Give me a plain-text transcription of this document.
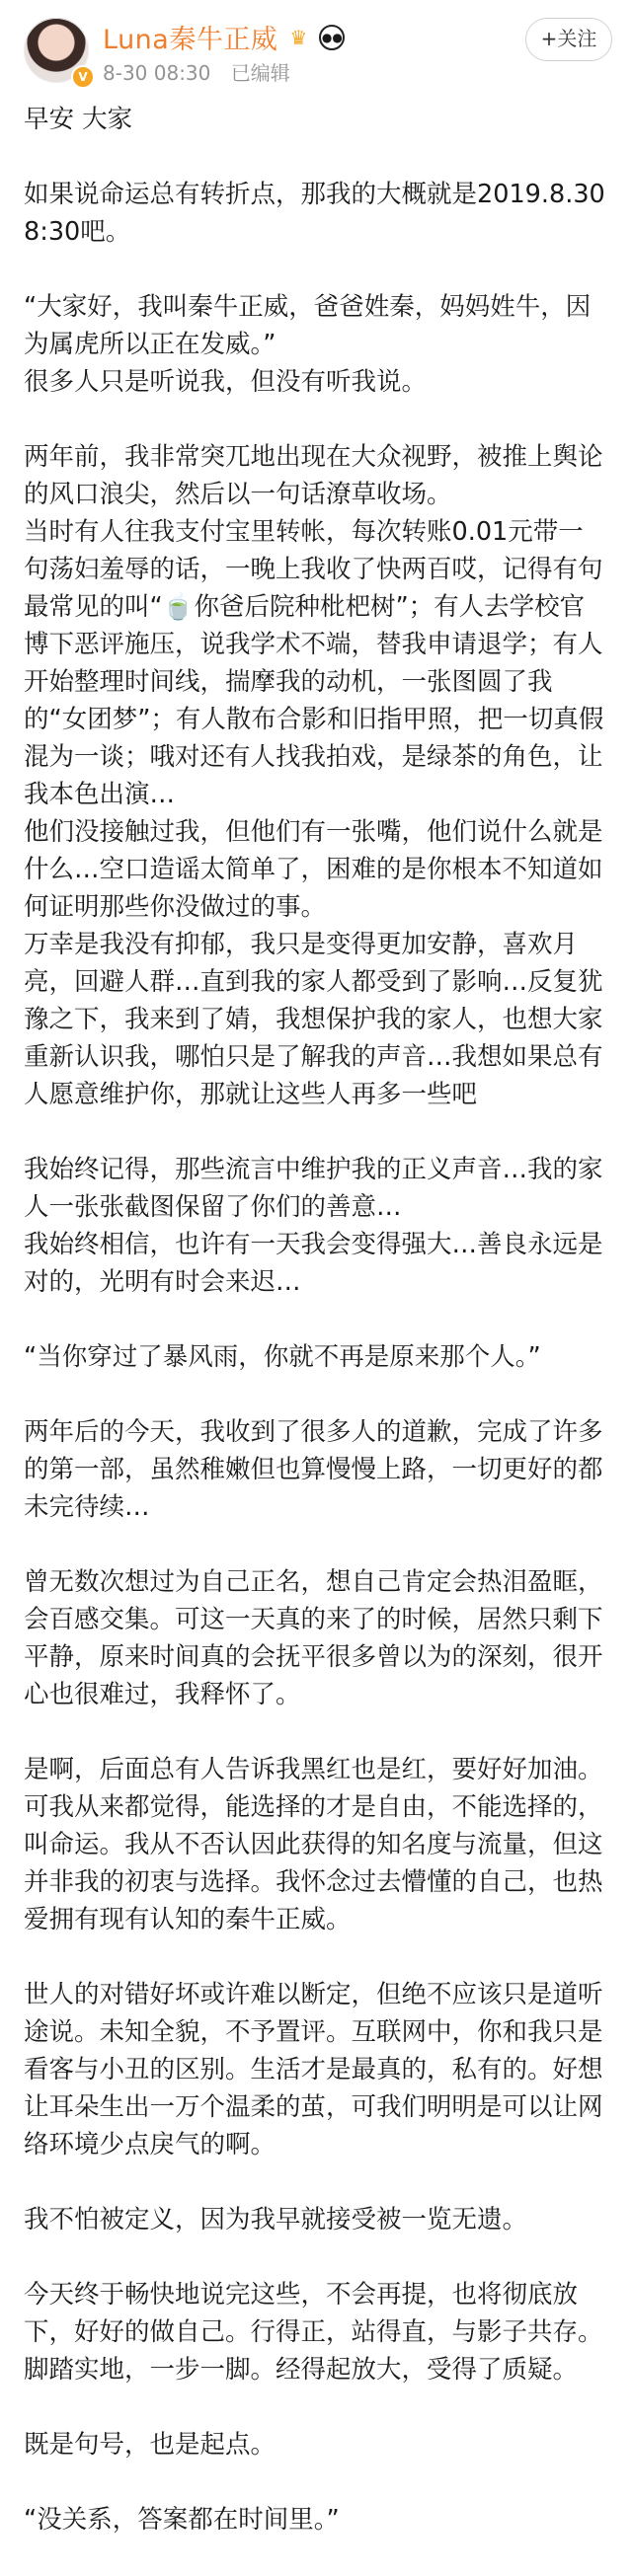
V
Luna秦牛正威 ♛	●●
8-30 08:30 已编辑
+关注

早安 大家

如果说命运总有转折点，那我的大概就是2019.8.30 8:30吧。

“大家好，我叫秦牛正威，爸爸姓秦，妈妈姓牛，因为属虎所以正在发威。”
很多人只是听说我，但没有听我说。

两年前，我非常突兀地出现在大众视野，被推上舆论的风口浪尖，然后以一句话潦草收场。
当时有人往我支付宝里转帐，每次转账0.01元带一句荡妇羞辱的话，一晚上我收了快两百哎，记得有句最常见的叫“🍵你爸后院种枇杷树”；有人去学校官博下恶评施压，说我学术不端，替我申请退学；有人开始整理时间线，揣摩我的动机，一张图圆了我的“女团梦”；有人散布合影和旧指甲照，把一切真假混为一谈；哦对还有人找我拍戏，是绿茶的角色，让我本色出演…
他们没接触过我，但他们有一张嘴，他们说什么就是什么…空口造谣太简单了，困难的是你根本不知道如何证明那些你没做过的事。
万幸是我没有抑郁，我只是变得更加安静，喜欢月亮，回避人群…直到我的家人都受到了影响…反复犹豫之下，我来到了婧，我想保护我的家人，也想大家重新认识我，哪怕只是了解我的声音…我想如果总有人愿意维护你，那就让这些人再多一些吧

我始终记得，那些流言中维护我的正义声音…我的家人一张张截图保留了你们的善意…
我始终相信，也许有一天我会变得强大…善良永远是对的，光明有时会来迟…

“当你穿过了暴风雨，你就不再是原来那个人。”

两年后的今天，我收到了很多人的道歉，完成了许多的第一部，虽然稚嫩但也算慢慢上路，一切更好的都未完待续…

曾无数次想过为自己正名，想自己肯定会热泪盈眶，会百感交集。可这一天真的来了的时候，居然只剩下平静，原来时间真的会抚平很多曾以为的深刻，很开心也很难过，我释怀了。

是啊，后面总有人告诉我黑红也是红，要好好加油。可我从来都觉得，能选择的才是自由，不能选择的，叫命运。我从不否认因此获得的知名度与流量，但这并非我的初衷与选择。我怀念过去懵懂的自己，也热爱拥有现有认知的秦牛正威。

世人的对错好坏或许难以断定，但绝不应该只是道听途说。未知全貌，不予置评。互联网中，你和我只是看客与小丑的区别。生活才是最真的，私有的。好想让耳朵生出一万个温柔的茧，可我们明明是可以让网络环境少点戾气的啊。

我不怕被定义，因为我早就接受被一览无遗。

今天终于畅快地说完这些，不会再提，也将彻底放下，好好的做自己。行得正，站得直，与影子共存。脚踏实地，一步一脚。经得起放大，受得了质疑。

既是句号，也是起点。

“没关系，答案都在时间里。”
